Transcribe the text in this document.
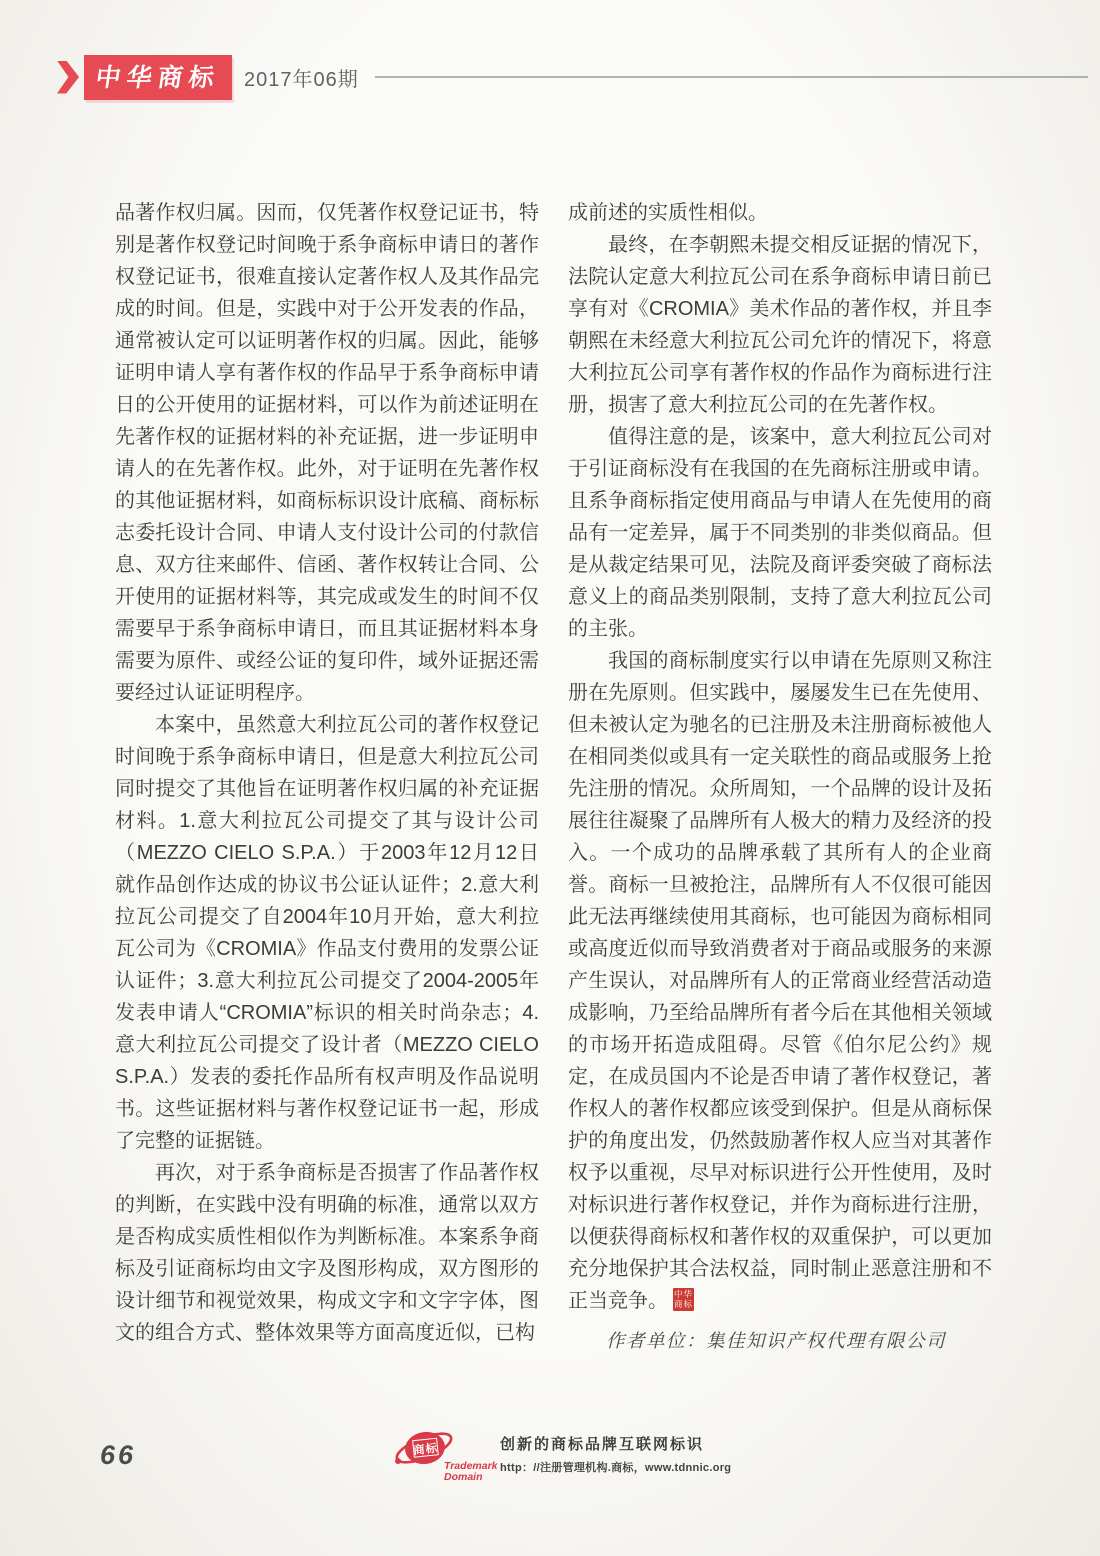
中华商标	2017年06期

品著作权归属。因而，仅凭著作权登记证书，特别是著作权登记时间晚于系争商标申请日的著作权登记证书，很难直接认定著作权人及其作品完成的时间。但是，实践中对于公开发表的作品，通常被认定可以证明著作权的归属。因此，能够证明申请人享有著作权的作品早于系争商标申请日的公开使用的证据材料，可以作为前述证明在先著作权的证据材料的补充证据，进一步证明申请人的在先著作权。此外，对于证明在先著作权的其他证据材料，如商标标识设计底稿、商标标志委托设计合同、申请人支付设计公司的付款信息、双方往来邮件、信函、著作权转让合同、公开使用的证据材料等，其完成或发生的时间不仅需要早于系争商标申请日，而且其证据材料本身需要为原件、或经公证的复印件，域外证据还需要经过认证证明程序。

本案中，虽然意大利拉瓦公司的著作权登记时间晚于系争商标申请日，但是意大利拉瓦公司同时提交了其他旨在证明著作权归属的补充证据材料。1.意大利拉瓦公司提交了其与设计公司（MEZZO CIELO S.P.A.）于2003年12月12日就作品创作达成的协议书公证认证件；2.意大利拉瓦公司提交了自2004年10月开始，意大利拉瓦公司为《CROMIA》作品支付费用的发票公证认证件；3.意大利拉瓦公司提交了2004-2005年发表申请人“CROMIA”标识的相关时尚杂志；4.意大利拉瓦公司提交了设计者（MEZZO CIELO S.P.A.）发表的委托作品所有权声明及作品说明书。这些证据材料与著作权登记证书一起，形成了完整的证据链。

再次，对于系争商标是否损害了作品著作权的判断，在实践中没有明确的标准，通常以双方是否构成实质性相似作为判断标准。本案系争商标及引证商标均由文字及图形构成，双方图形的设计细节和视觉效果，构成文字和文字字体，图文的组合方式、整体效果等方面高度近似，已构

成前述的实质性相似。

最终，在李朝熙未提交相反证据的情况下，法院认定意大利拉瓦公司在系争商标申请日前已享有对《CROMIA》美术作品的著作权，并且李朝熙在未经意大利拉瓦公司允许的情况下，将意大利拉瓦公司享有著作权的作品作为商标进行注册，损害了意大利拉瓦公司的在先著作权。

值得注意的是，该案中，意大利拉瓦公司对于引证商标没有在我国的在先商标注册或申请。且系争商标指定使用商品与申请人在先使用的商品有一定差异，属于不同类别的非类似商品。但是从裁定结果可见，法院及商评委突破了商标法意义上的商品类别限制，支持了意大利拉瓦公司的主张。

我国的商标制度实行以申请在先原则又称注册在先原则。但实践中，屡屡发生已在先使用、但未被认定为驰名的已注册及未注册商标被他人在相同类似或具有一定关联性的商品或服务上抢先注册的情况。众所周知，一个品牌的设计及拓展往往凝聚了品牌所有人极大的精力及经济的投入。一个成功的品牌承载了其所有人的企业商誉。商标一旦被抢注，品牌所有人不仅很可能因此无法再继续使用其商标，也可能因为商标相同或高度近似而导致消费者对于商品或服务的来源产生误认，对品牌所有人的正常商业经营活动造成影响，乃至给品牌所有者今后在其他相关领域的市场开拓造成阻碍。尽管《伯尔尼公约》规定，在成员国内不论是否申请了著作权登记，著作权人的著作权都应该受到保护。但是从商标保护的角度出发，仍然鼓励著作权人应当对其著作权予以重视，尽早对标识进行公开性使用，及时对标识进行著作权登记，并作为商标进行注册，以便获得商标权和著作权的双重保护，可以更加充分地保护其合法权益，同时制止恶意注册和不正当竞争。 中华商标

作者单位：集佳知识产权代理有限公司

66	商标
Trademark
Domain
创新的商标品牌互联网标识
http：//注册管理机构.商标，www.tdnnic.org
